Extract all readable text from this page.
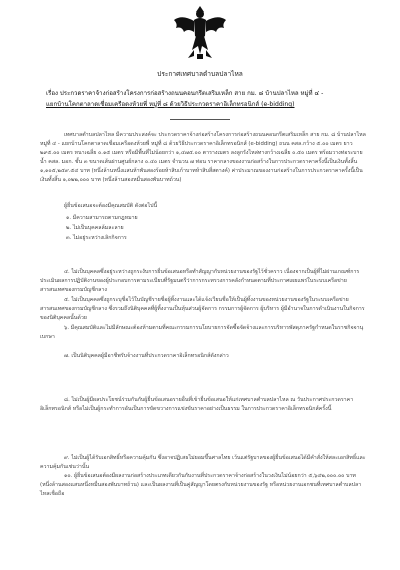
ประกาศเทศบาลตำบลปลาไหล
เรื่อง ประกวดราคาจ้างก่อสร้างโครงการก่อสร้างถนนคอนกรีตเสริมเหล็ก สาย กม. ๘ บ้านปลาไหล หมู่ที่ ๔ -
แยกบ้านโคกตาลาดเชื่อมเครือดงห้วยพี่ หมู่ที่ ๘ ด้วยวิธีประกวดราคาอิเล็กทรอนิกส์ (e-bidding)

เทศบาลตำบลปลาไหล มีความประสงค์จะ ประกวดราคาจ้างก่อสร้างโครงการก่อสร้างถนนคอนกรีตเสริมเหล็ก สาย กม. ๘ บ้านปลาไหล หมู่ที่ ๔ - แยกบ้านโคกตาลาดเชื่อมเครือดงห้วยพี่ หมู่ที่ ๘ ด้วยวิธีประกวดราคาอิเล็กทรอนิกส์ (e-bidding) ถนน คสล.กว้าง ๕.๐๐ เมตร ยาว ๒๙๕.๐๐ เมตร หนาเฉลี่ย ๐.๑๕ เมตร หรือมีพื้นที่ไม่น้อยกว่า ๑,๔๗๕.๐๐ ตารางเมตร ลงลูกรังไหล่ทางกว้างเฉลี่ย ๐.๕๐ เมตร พร้อมวางท่อระบายน้ำ คสล. มอก. ชั้น ๓ ขนาดเส้นผ่านศูนย์กลาง ๐.๔๐ เมตร จำนวน ๗ ท่อน ราคากลางของงานก่อสร้างในการประกวดราคาครั้งนี้เป็นเงินทั้งสิ้น ๑,๑๐๕,๒๕๙.๕๔ บาท (หนึ่งล้านหนึ่งแสนห้าพันสองร้อยห้าสิบเก้าบาทห้าสิบสี่สตางค์) ค่าประมาณของงานก่อสร้างในการประกวดราคาครั้งนี้เป็นเงินทั้งสิ้น ๑,๐๒๒,๐๐๐ บาท (หนึ่งล้านสองหมื่นสองพันบาทถ้วน)

ผู้ยื่นข้อเสนอจะต้องมีคุณสมบัติ ดังต่อไปนี้

๑. มีความสามารถตามกฎหมาย

๒. ไม่เป็นบุคคลล้มละลาย

๓. ไม่อยู่ระหว่างเลิกกิจการ

๔. ไม่เป็นบุคคลซึ่งอยู่ระหว่างถูกระงับการยื่นข้อเสนอหรือทำสัญญากับหน่วยงานของรัฐไว้ชั่วคราว เนื่องจากเป็นผู้ที่ไม่ผ่านเกณฑ์การประเมินผลการปฏิบัติงานของผู้ประกอบการตามระเบียบที่รัฐมนตรีว่าการกระทรวงการคลังกำหนดตามที่ประกาศเผยแพร่ในระบบเครือข่ายสารสนเทศของกรมบัญชีกลาง

๕. ไม่เป็นบุคคลซึ่งถูกระบุชื่อไว้ในบัญชีรายชื่อผู้ทิ้งงานและได้แจ้งเวียนชื่อให้เป็นผู้ทิ้งงานของหน่วยงานของรัฐในระบบเครือข่ายสารสนเทศของกรมบัญชีกลาง ซึ่งรวมถึงนิติบุคคลที่ผู้ทิ้งงานเป็นหุ้นส่วนผู้จัดการ กรรมการผู้จัดการ ผู้บริหาร ผู้มีอำนาจในการดำเนินงานในกิจการของนิติบุคคลนั้นด้วย

๖. มีคุณสมบัติและไม่มีลักษณะต้องห้ามตามที่คณะกรรมการนโยบายการจัดซื้อจัดจ้างและการบริหารพัสดุภาครัฐกำหนดในราชกิจจานุเบกษา

๗. เป็นนิติบุคคลผู้มีอาชีพรับจ้างงานที่ประกวดราคาอิเล็กทรอนิกส์ดังกล่าว

๘. ไม่เป็นผู้มีผลประโยชน์ร่วมกันกับผู้ยื่นข้อเสนอรายอื่นที่เข้ายื่นข้อเสนอให้แก่เทศบาลตำบลปลาไหล ณ วันประกาศประกวดราคาอิเล็กทรอนิกส์ หรือไม่เป็นผู้กระทำการอันเป็นการขัดขวางการแข่งขันราคาอย่างเป็นธรรม ในการประกวดราคาอิเล็กทรอนิกส์ครั้งนี้

๙. ไม่เป็นผู้ได้รับเอกสิทธิ์หรือความคุ้มกัน ซึ่งอาจปฏิเสธไม่ยอมขึ้นศาลไทย เว้นแต่รัฐบาลของผู้ยื่นข้อเสนอได้มีคำสั่งให้สละเอกสิทธิ์และความคุ้มกันเช่นว่านั้น

๑๐. ผู้ยื่นข้อเสนอต้องมีผลงานก่อสร้างประเภทเดียวกันกับงานที่ประกวดราคาจ้างก่อสร้างในวงเงินไม่น้อยกว่า ๕,๖๔๒,๐๐๐.๐๐ บาท (หนึ่งล้านสองแสนหนึ่งหมื่นสองพันบาทถ้วน) และเป็นผลงานที่เป็นคู่สัญญาโดยตรงกับหน่วยงานของรัฐ หรือหน่วยงานเอกชนที่เทศบาลตำบลปลาไหลเชื่อถือ
